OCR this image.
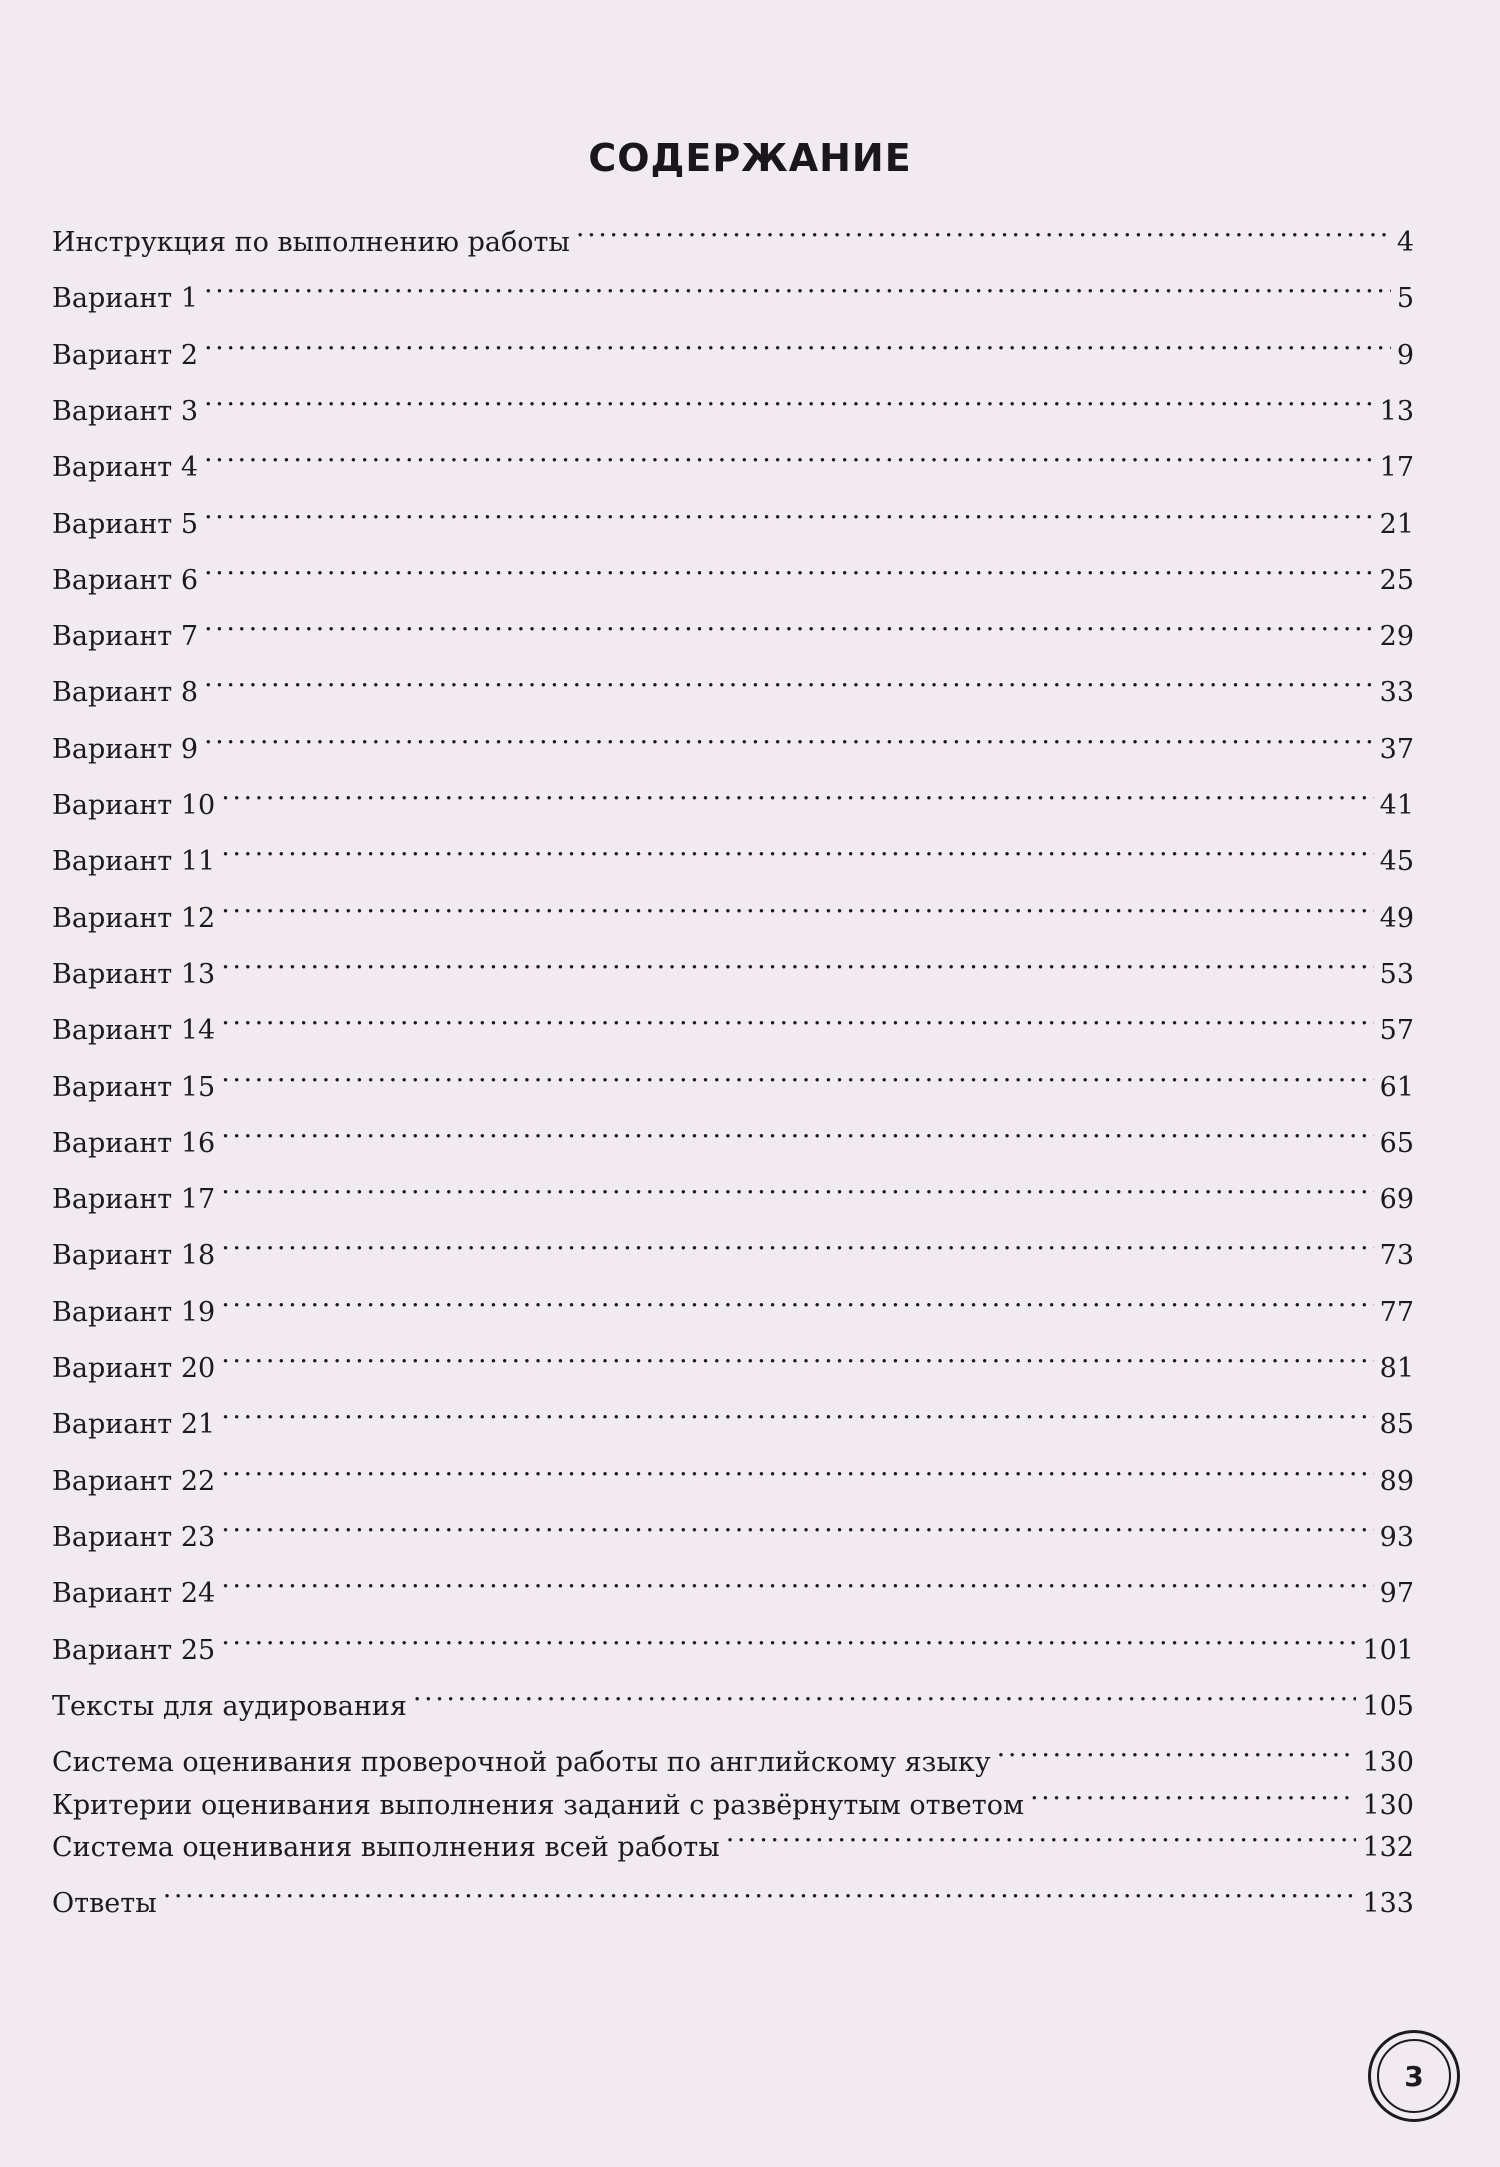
СОДЕРЖАНИЕ
Инструкция по выполнению работы . . .	4
Вариант 1 . . .	5
Вариант 2 . . .	9
Вариант 3 . . .	13
Вариант 4 . . .	17
Вариант 5 . . .	21
Вариант 6 . . .	25
Вариант 7 . . .	29
Вариант 8 . . .	33
Вариант 9 . . .	37
Вариант 10 . . .	41
Вариант 11 . . .	45
Вариант 12 . . .	49
Вариант 13 . . .	53
Вариант 14 . . .	57
Вариант 15 . . .	61
Вариант 16 . . .	65
Вариант 17 . . .	69
Вариант 18 . . .	73
Вариант 19 . . .	77
Вариант 20 . . .	81
Вариант 21 . . .	85
Вариант 22 . . .	89
Вариант 23 . . .	93
Вариант 24 . . .	97
Вариант 25 . . .	101
Тексты для аудирования . . .	105
Система оценивания проверочной работы по английскому языку . . .	130
Критерии оценивания выполнения заданий с развёрнутым ответом . . .	130
Система оценивания выполнения всей работы . . .	132
Ответы . . .	133
3
